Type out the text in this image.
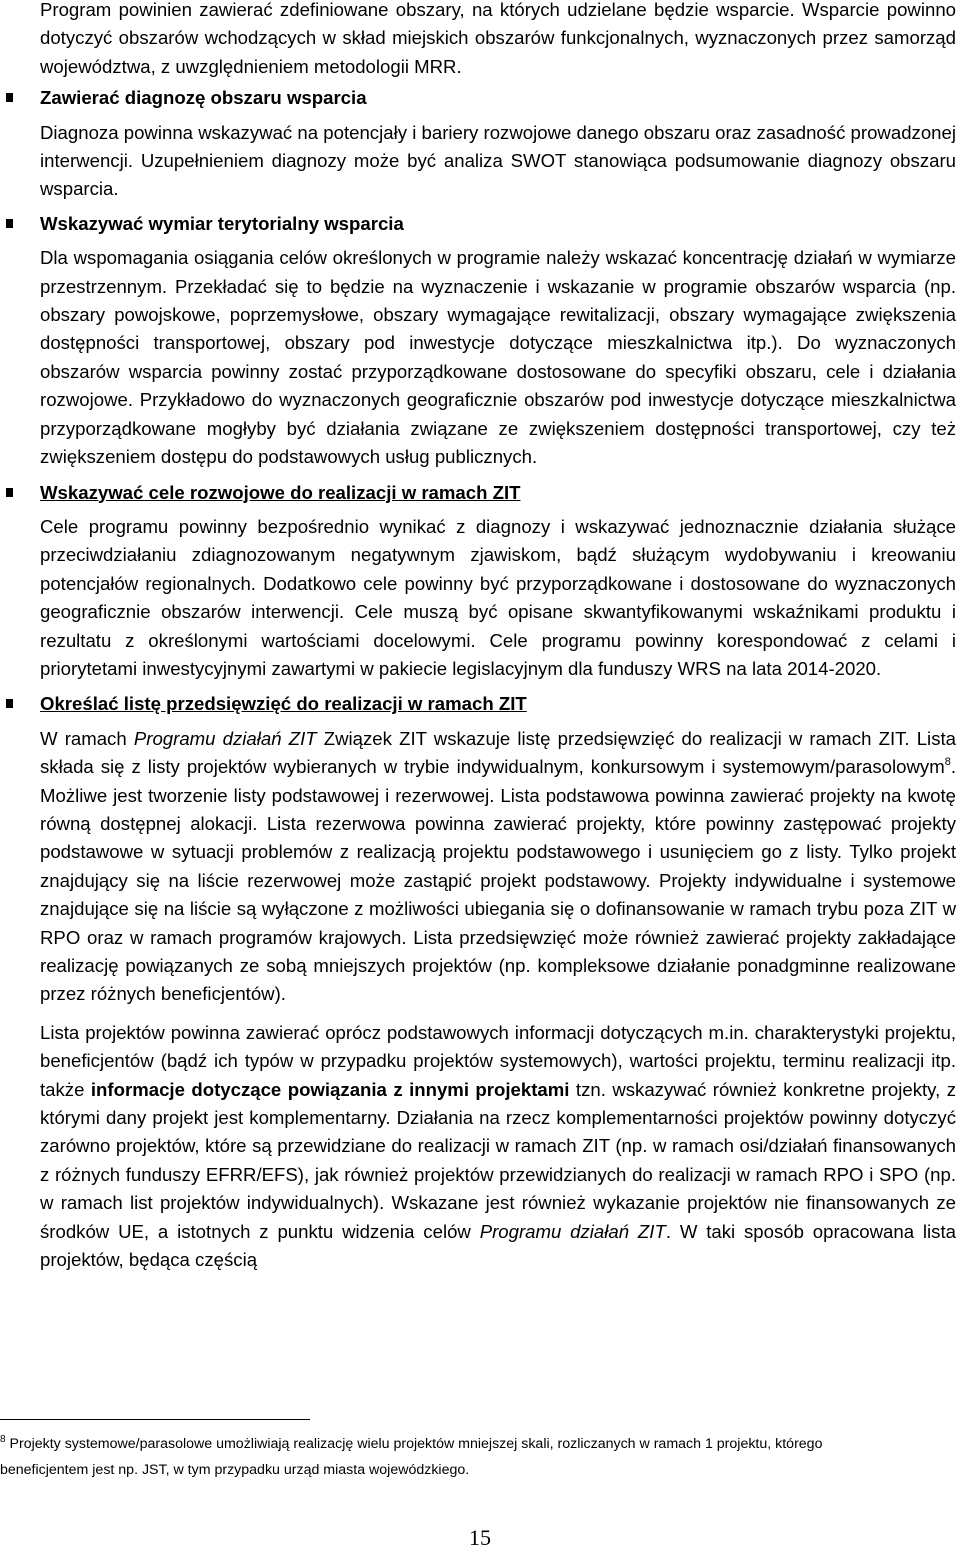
Program powinien zawierać zdefiniowane obszary, na których udzielane będzie wsparcie. Wsparcie powinno dotyczyć obszarów wchodzących w skład miejskich obszarów funkcjonalnych, wyznaczonych przez samorząd województwa, z uwzględnieniem metodologii MRR.

Zawierać diagnozę obszaru wsparcia

Diagnoza powinna wskazywać na potencjały i bariery rozwojowe danego obszaru oraz zasadność prowadzonej interwencji. Uzupełnieniem diagnozy może być analiza SWOT stanowiąca podsumowanie diagnozy obszaru wsparcia.

Wskazywać wymiar terytorialny wsparcia

Dla wspomagania osiągania celów określonych w programie należy wskazać koncentrację działań w wymiarze przestrzennym. Przekładać się to będzie na wyznaczenie i wskazanie w programie obszarów wsparcia (np. obszary powojskowe, poprzemysłowe, obszary wymagające rewitalizacji, obszary wymagające zwiększenia dostępności transportowej, obszary pod inwestycje dotyczące mieszkalnictwa itp.). Do wyznaczonych obszarów wsparcia powinny zostać przyporządkowane dostosowane do specyfiki obszaru, cele i działania rozwojowe. Przykładowo do wyznaczonych geograficznie obszarów pod inwestycje dotyczące mieszkalnictwa przyporządkowane mogłyby być działania związane ze zwiększeniem dostępności transportowej, czy też zwiększeniem dostępu do podstawowych usług publicznych.

Wskazywać cele rozwojowe do realizacji w ramach ZIT

Cele programu powinny bezpośrednio wynikać z diagnozy i wskazywać jednoznacznie działania służące przeciwdziałaniu zdiagnozowanym negatywnym zjawiskom, bądź służącym wydobywaniu i kreowaniu potencjałów regionalnych. Dodatkowo cele powinny być przyporządkowane i dostosowane do wyznaczonych geograficznie obszarów interwencji. Cele muszą być opisane skwantyfikowanymi wskaźnikami produktu i rezultatu z określonymi wartościami docelowymi. Cele programu powinny korespondować z celami i priorytetami inwestycyjnymi zawartymi w pakiecie legislacyjnym dla funduszy WRS na lata 2014-2020.

Określać listę przedsięwzięć do realizacji w ramach ZIT

W ramach Programu działań ZIT Związek ZIT wskazuje listę przedsięwzięć do realizacji w ramach ZIT. Lista składa się z listy projektów wybieranych w trybie indywidualnym, konkursowym i systemowym/parasolowym$^8$. Możliwe jest tworzenie listy podstawowej i rezerwowej. Lista podstawowa powinna zawierać projekty na kwotę równą dostępnej alokacji. Lista rezerwowa powinna zawierać projekty, które powinny zastępować projekty podstawowe w sytuacji problemów z realizacją projektu podstawowego i usunięciem go z listy. Tylko projekt znajdujący się na liście rezerwowej może zastąpić projekt podstawowy. Projekty indywidualne i systemowe znajdujące się na liście są wyłączone z możliwości ubiegania się o dofinansowanie w ramach trybu poza ZIT w RPO oraz w ramach programów krajowych. Lista przedsięwzięć może również zawierać projekty zakładające realizację powiązanych ze sobą mniejszych projektów (np. kompleksowe działanie ponadgminne realizowane przez różnych beneficjentów).

Lista projektów powinna zawierać oprócz podstawowych informacji dotyczących m.in. charakterystyki projektu, beneficjentów (bądź ich typów w przypadku projektów systemowych), wartości projektu, terminu realizacji itp. także informacje dotyczące powiązania z innymi projektami tzn. wskazywać również konkretne projekty, z którymi dany projekt jest komplementarny. Działania na rzecz komplementarności projektów powinny dotyczyć zarówno projektów, które są przewidziane do realizacji w ramach ZIT (np. w ramach osi/działań finansowanych z różnych funduszy EFRR/EFS), jak również projektów przewidzianych do realizacji w ramach RPO i SPO (np. w ramach list projektów indywidualnych). Wskazane jest również wykazanie projektów nie finansowanych ze środków UE, a istotnych z punktu widzenia celów Programu działań ZIT. W taki sposób opracowana lista projektów, będąca częścią

$^8$ Projekty systemowe/parasolowe umożliwiają realizację wielu projektów mniejszej skali, rozliczanych w ramach 1 projektu, którego beneficjentem jest np. JST, w tym przypadku urząd miasta wojewódzkiego.
15
